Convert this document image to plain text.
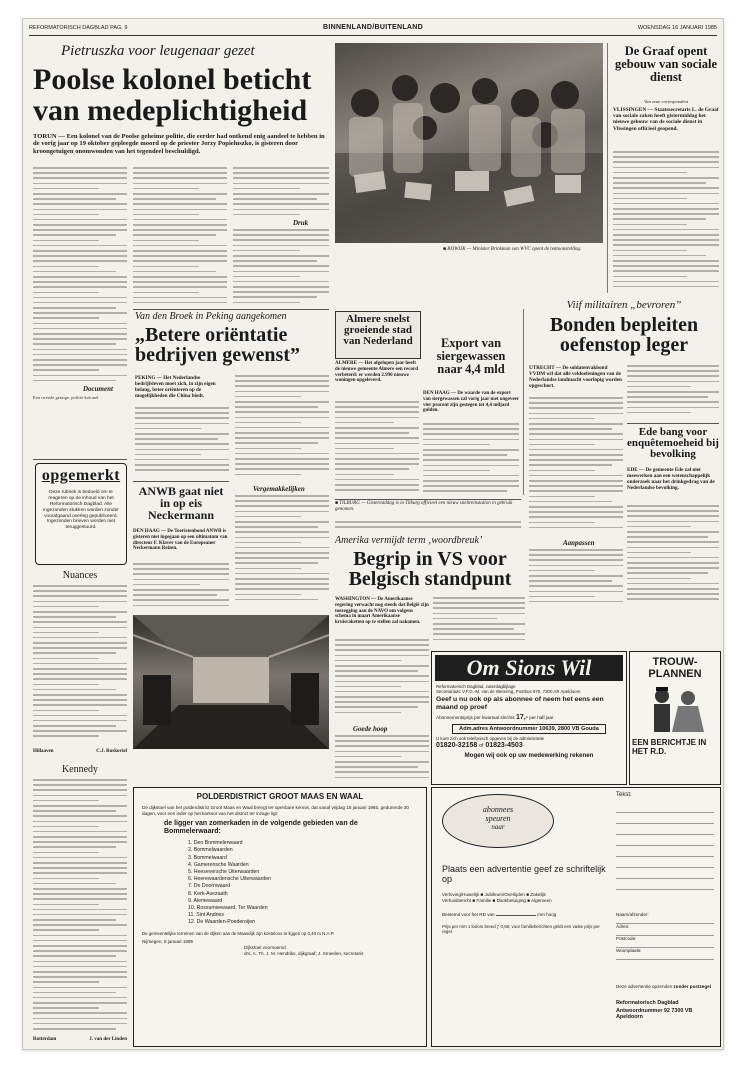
REFORMATORISCH DAGBLAD PAG. 9	BINNENLAND/BUITENLAND	WOENSDAG 16 JANUARI 1985
Pietruszka voor leugenaar gezet
Poolse kolonel beticht van medeplichtigheid
TORUN — Een kolonel van de Poolse geheime politie, die eerder had ontkend enig aandeel te hebben in de vorig jaar op 19 oktober gepleegde moord op de priester Jerzy Popieluszko, is gisteren door kroongetuigen onomwonden van het tegendeel beschuldigd.
Druk
Document
Een tweede getuige, politie-kolonel
De Graaf opent gebouw van sociale dienst
Van onze correspondent
VLISSINGEN — Staatssecretaris L. de Graaf van sociale zaken heeft gistermiddag het nieuwe gebouw van de sociale dienst in Vlissingen officieel geopend.
■ BIJWIJK — Minister Brinkman van WVC opent de tentoonstelling.
Van den Broek in Peking aangekomen
„Betere oriëntatie bedrijven gewenst”
PEKING — Het Nederlandse bedrijfsleven moet zich, in zijn eigen belang, beter oriënteren op de mogelijkheden die China biedt.
Vergemakkelijken
Almere snelst groeiende stad van Nederland
ALMERE — Het afgelopen jaar heeft de nieuwe gemeente Almere een record verbeterd: er werden 2.990 nieuwe woningen opgeleverd.
Export van siergewassen naar 4,4 mld
DEN HAAG — De waarde van de export van siergewassen zal vorig jaar met ongeveer vier procent zijn gestegen tot 4,4 miljard gulden.
Viif militairen „bevroren”
Bonden bepleiten oefenstop leger
UTRECHT — De soldatenvakbond VVDM wil dat alle veldoefeningen van de Nederlandse landmacht voorlopig worden opgeschort.
Aanpassen
Ede bang voor enquêtemoeheid bij bevolking
EDE — De gemeente Ede zal niet meewerken aan een wetenschappelijk onderzoek naar het drinkgedrag van de Nederlandse bevolking.
opgemerkt
Deze rubriek is bedoeld om te reageren op de inhoud van het Reformatorisch Dagblad. Alle ingezonden stukken worden zonder voorafgaand overleg gepubliceerd. Ingezonden brieven worden niet teruggestuurd.
Nuances
Hillaaven	C.J. Roskoviel
Kennedy
Rotterdam	J. van der Linden
ANWB gaat niet in op eis Neckermann
DEN HAAG — De Toeristenbond ANWB is gisteren niet ingegaan op een ultimatum van directeur F. Klaver van de Europeaner Neckermann Reizen.
■ TILBURG — Gistermiddag is in Tilburg officieel een nieuw sneltreinstation in gebruik genomen.
Amerika vermijdt term ‚woordbreuk’
Begrip in VS voor Belgisch standpunt
WASHINGTON — De Amerikaanse regering verwacht nog steeds dat België zijn toezegging aan de NAVO om volgens schema in maart Amerikaanse kruisraketten op te stellen zal nakomen.
Goede hoop
Om Sions Wil
Reformatorisch Dagblad, zaterdagbijlage
Secretariaat: V.F.G.-M. van de Wetering, Postbus 670, 7300 AR Apeldoorn
Geef u nu ook op als abonnee of neem het eens een maand op proef
Abonnementsprijs per kwartaal slechts 17,- per half jaar
Adm.adres Antwoordnummer 10639, 2800 VB Gouda
U kunt zich ook telefonisch opgeven bij de administratie
01820-32158 of 01823-4503
Mogen wij ook op uw medewerking rekenen
TROUW-PLANNEN
EEN BERICHTJE IN HET R.D.
POLDERDISTRICT GROOT MAAS EN WAAL
De dijkstoel van het polderdistrict Groot Maas en Waal brengt ter openbare kennis, dat vanaf vrijdag 18 januari 1985, gedurende 30 dagen, voor een ieder op het kantoor van het district ter inzage ligt:
de ligger van zomerkaden in de volgende gebieden van de Bommelerwaard:
1. Den Bommelerwaard
2. Bommelwaarden
3. Bommelwaard
4. Gamerensche Waarden
5. Heeseversche Uiterwaarden
6. Heerewaardensche Uiterwaarden
7. De Doornwaard
8. Kerk-Avezaath
9. Alemewaard
10. Rossumsewaard, Ter Waarden
11. Sint Andries
12. De Waarden-Poederoijen
De gemeentelijke terreinen van de dijken aan de Maasdijk zijn kosteloos te liggen op 0,40 m N.A.P.
Nijmegen, 8 januari 1985
Dijkstoel voornoemd
drs. A. Th. J. M. Hendriks, dijkgraaf; J. Smeelen, secretaris
abonnees
speuren
naar
Tekst:
Plaats een advertentie geef ze schriftelijk op
Verloving/Huwelijk ■ Jubileum/Overlijden ■ Zakelijk
Verhuisbericht ■ Familie ■ Dankbetuiging ■ Algemeen
Bestemd voor het RD van	mm hoog
Prijs per mm 1 kolom breed ƒ 0,66; voor familieberichten geldt een vaste prijs per regel.
Naam/afzender:
Adres:
Postcode:
Woonplaats:
Deze advertentie opzenden zonder postzegel
Reformatorisch Dagblad
Antwoordnummer 92 7300 VB Apeldoorn
